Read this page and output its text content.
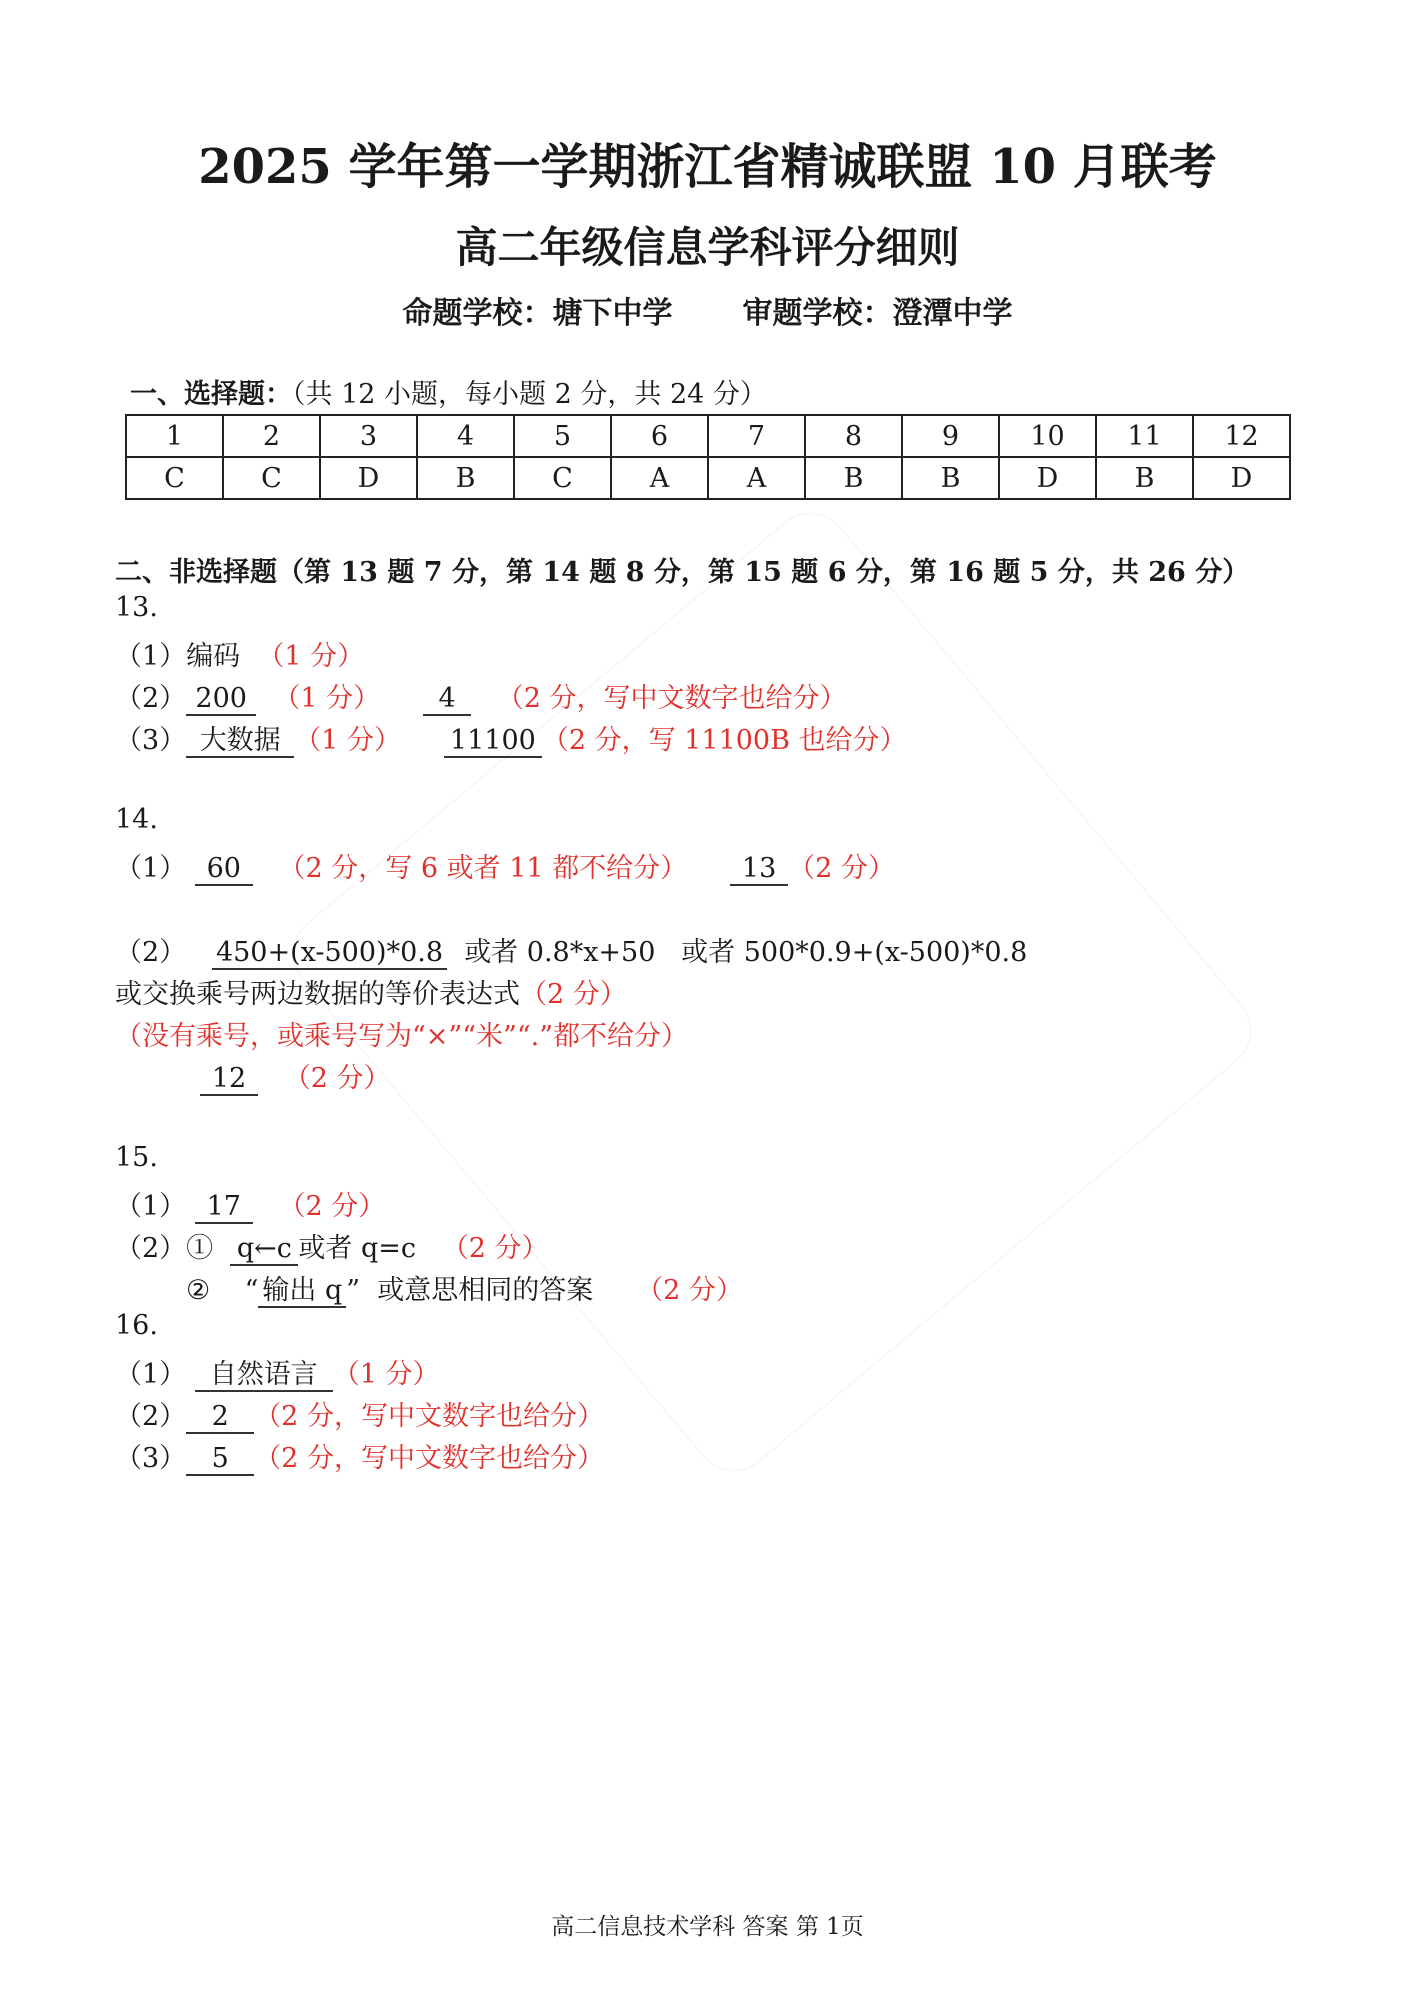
2025 学年第一学期浙江省精诚联盟 10 月联考
高二年级信息学科评分细则
命题学校：塘下中学 审题学校：澄潭中学
一、选择题：（共 12 小题，每小题 2 分，共 24 分）
1	2	3	4	5	6	7	8	9	10	11	12
C	C	D	B	C	A	A	B	B	D	B	D
二、非选择题（第 13 题 7 分，第 14 题 8 分，第 15 题 6 分，第 16 题 5 分，共 26 分）
13.
（1）编码 （1 分）
（2） 200 （1 分） 4 （2 分，写中文数字也给分）
（3） 大数据 （1 分） 11100 （2 分，写 11100B 也给分）
14.
（1） 60 （2 分，写 6 或者 11 都不给分） 13 （2 分）
（2） 450+(x-500)*0.8 或者 0.8*x+50 或者 500*0.9+(x-500)*0.8
或交换乘号两边数据的等价表达式（2 分）
（没有乘号，或乘号写为“×”“米”“.”都不给分）
12 （2 分）
15.
（1） 17 （2 分）
（2）① q←c 或者 q=c （2 分）
② “ 输出 q ” 或意思相同的答案 （2 分）
16.
（1） 自然语言 （1 分）
（2） 2 （2 分，写中文数字也给分）
（3） 5 （2 分，写中文数字也给分）
高二信息技术学科 答案 第 1页
